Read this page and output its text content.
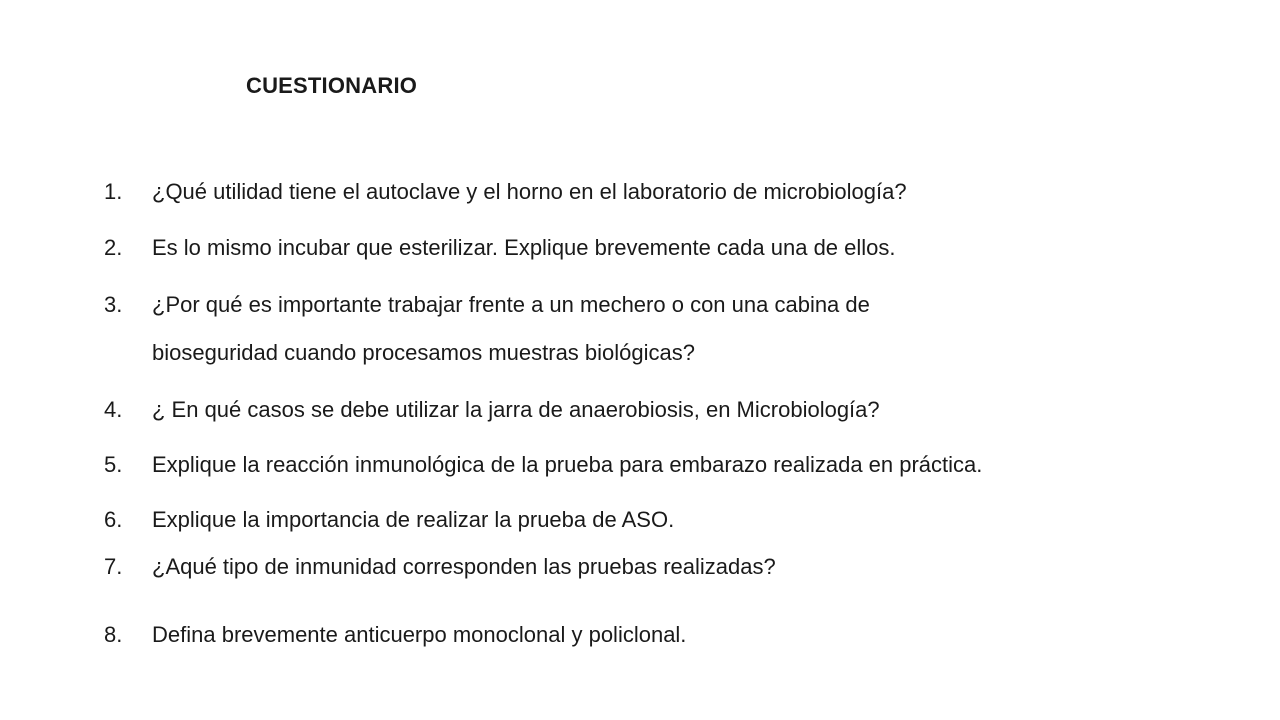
CUESTIONARIO
1.	¿Qué utilidad tiene el autoclave y el horno en el laboratorio de microbiología?
2.	Es lo mismo incubar que esterilizar. Explique brevemente cada una de ellos.
3.	¿Por qué es importante trabajar frente a un mechero o con una cabina de
bioseguridad cuando procesamos muestras biológicas?
4.	¿ En qué casos se debe utilizar la jarra de anaerobiosis, en Microbiología?
5.	Explique la reacción inmunológica de la prueba para embarazo realizada en práctica.
6.	Explique la importancia de realizar la prueba de ASO.
7.	¿Aqué tipo de inmunidad corresponden las pruebas realizadas?
8.	Defina brevemente anticuerpo monoclonal y policlonal.
